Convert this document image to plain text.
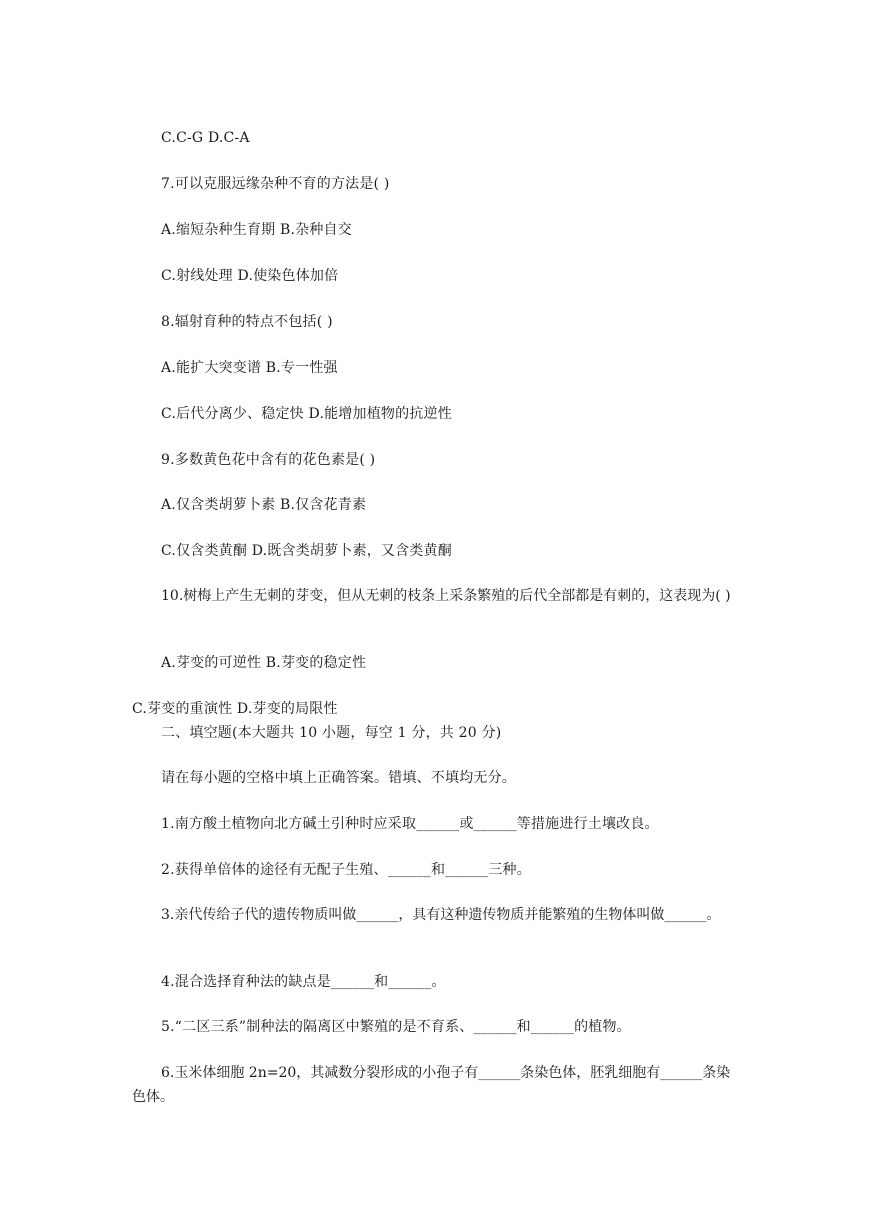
C.C-G D.C-A
7.可以克服远缘杂种不育的方法是( )
A.缩短杂种生育期 B.杂种自交
C.射线处理 D.使染色体加倍
8.辐射育种的特点不包括( )
A.能扩大突变谱 B.专一性强
C.后代分离少、稳定快 D.能增加植物的抗逆性
9.多数黄色花中含有的花色素是( )
A.仅含类胡萝卜素 B.仅含花青素
C.仅含类黄酮 D.既含类胡萝卜素，又含类黄酮
10.树梅上产生无刺的芽变，但从无刺的枝条上采条繁殖的后代全部都是有刺的，这表现为( )
A.芽变的可逆性 B.芽变的稳定性
C.芽变的重演性 D.芽变的局限性
二、填空题(本大题共 10 小题，每空 1 分，共 20 分)
请在每小题的空格中填上正确答案。错填、不填均无分。
1.南方酸土植物向北方碱土引种时应采取______或______等措施进行土壤改良。
2.获得单倍体的途径有无配子生殖、______和______三种。
3.亲代传给子代的遗传物质叫做______，具有这种遗传物质并能繁殖的生物体叫做______。
4.混合选择育种法的缺点是______和______。
5.“二区三系”制种法的隔离区中繁殖的是不育系、______和______的植物。
6.玉米体细胞 2n=20，其减数分裂形成的小孢子有______条染色体，胚乳细胞有______条染色体。
